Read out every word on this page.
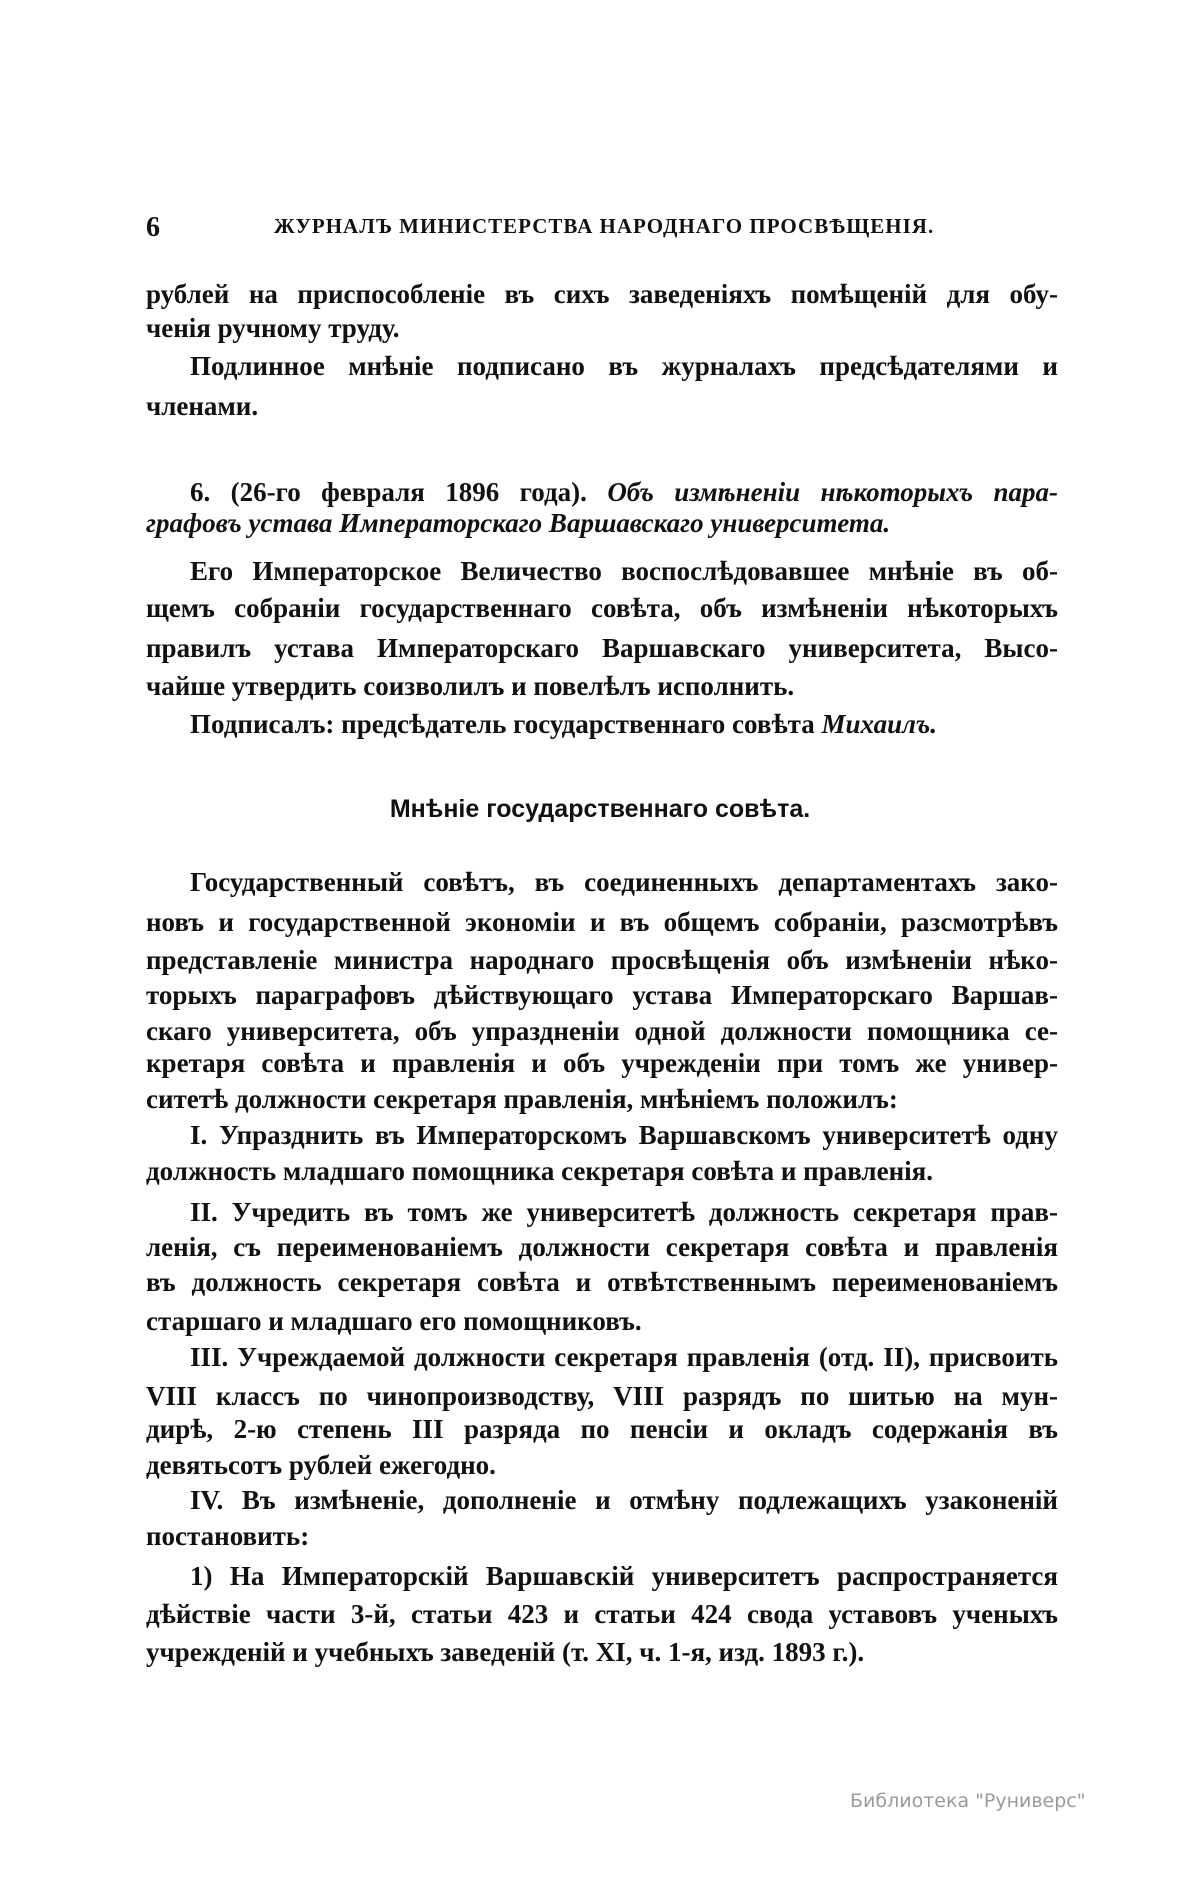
6	ЖУРНАЛЪ МИНИСТЕРСТВА НАРОДНАГО ПРОСВѢЩЕНІЯ.
Мнѣніе государственнаго совѣта.
рублей на приспособленіе въ сихъ заведеніяхъ помѣщеній для обу-
ченія ручному труду.
Подлинное мнѣніе подписано въ журналахъ предсѣдателями и
членами.
6. (26-го февраля 1896 года). Объ измѣненіи нѣкоторыхъ пара-
графовъ устава Императорскаго Варшавскаго университета.
Его Императорское Величество воспослѣдовавшее мнѣніе въ об-
щемъ собраніи государственнаго совѣта, объ измѣненіи нѣкоторыхъ
правилъ устава Императорскаго Варшавскаго университета, Высо-
чайше утвердить соизволилъ и повелѣлъ исполнить.
Подписалъ: предсѣдатель государственнаго совѣта Михаилъ.
Государственный совѣтъ, въ соединенныхъ департаментахъ зако-
новъ и государственной экономіи и въ общемъ собраніи, разсмотрѣвъ
представленіе министра народнаго просвѣщенія объ измѣненіи нѣко-
торыхъ параграфовъ дѣйствующаго устава Императорскаго Варшав-
скаго университета, объ упраздненіи одной должности помощника се-
кретаря совѣта и правленія и объ учрежденіи при томъ же универ-
ситетѣ должности секретаря правленія, мнѣніемъ положилъ:
I. Упразднить въ Императорскомъ Варшавскомъ университетѣ одну
должность младшаго помощника секретаря совѣта и правленія.
II. Учредить въ томъ же университетѣ должность секретаря прав-
ленія, съ переименованіемъ должности секретаря совѣта и правленія
въ должность секретаря совѣта и отвѣтственнымъ переименованіемъ
старшаго и младшаго его помощниковъ.
III. Учреждаемой должности секретаря правленія (отд. II), присвоить
VIII классъ по чинопроизводству, VIII разрядъ по шитью на мун-
дирѣ, 2-ю степень III разряда по пенсіи и окладъ содержанія въ
девятьсотъ рублей ежегодно.
IV. Въ измѣненіе, дополненіе и отмѣну подлежащихъ узаконеній
постановить:
1) На Императорскій Варшавскій университетъ распространяется
дѣйствіе части 3-й, статьи 423 и статьи 424 свода уставовъ ученыхъ
учрежденій и учебныхъ заведеній (т. XI, ч. 1-я, изд. 1893 г.).
Библиотека "Руниверс"
